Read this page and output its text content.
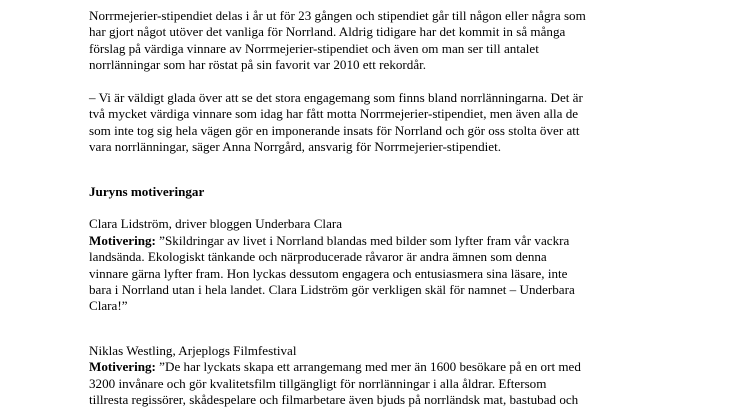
Norrmejerier-stipendiet delas i år ut för 23 gången och stipendiet går till någon eller några som
har gjort något utöver det vanliga för Norrland. Aldrig tidigare har det kommit in så många
förslag på värdiga vinnare av Norrmejerier-stipendiet och även om man ser till antalet
norrlänningar som har röstat på sin favorit var 2010 ett rekordår.
– Vi är väldigt glada över att se det stora engagemang som finns bland norrlänningarna. Det är
två mycket värdiga vinnare som idag har fått motta Norrmejerier-stipendiet, men även alla de
som inte tog sig hela vägen gör en imponerande insats för Norrland och gör oss stolta över att
vara norrlänningar, säger Anna Norrgård, ansvarig för Norrmejerier-stipendiet.

Juryns motiveringar

Clara Lidström, driver bloggen Underbara Clara
Motivering: ”Skildringar av livet i Norrland blandas med bilder som lyfter fram vår vackra
landsända. Ekologiskt tänkande och närproducerade råvaror är andra ämnen som denna
vinnare gärna lyfter fram. Hon lyckas dessutom engagera och entusiasmera sina läsare, inte
bara i Norrland utan i hela landet. Clara Lidström gör verkligen skäl för namnet – Underbara
Clara!”
Niklas Westling, Arjeplogs Filmfestival
Motivering: ”De har lyckats skapa ett arrangemang med mer än 1600 besökare på en ort med
3200 invånare och gör kvalitetsfilm tillgängligt för norrlänningar i alla åldrar. Eftersom
tillresta regissörer, skådespelare och filmarbetare även bjuds på norrländsk mat, bastubad och
